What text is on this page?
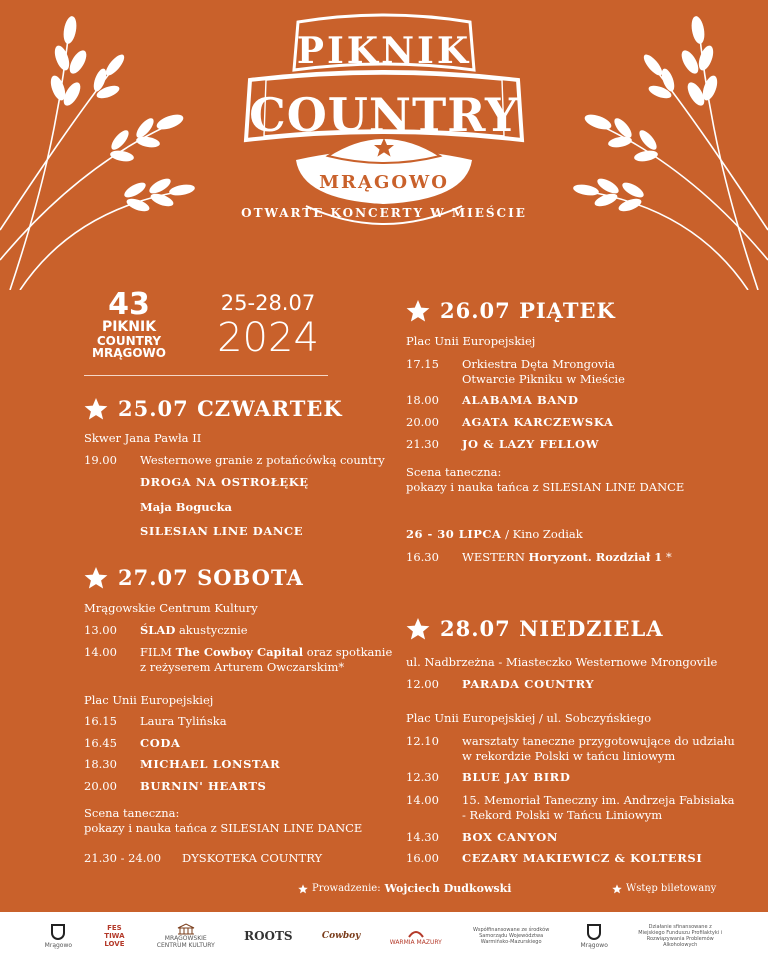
PIKNIK
COUNTRY
MRĄGOWO
OTWARTE KONCERTY W MIEŚCIE
43
PIKNIK
COUNTRY
MRĄGOWO
25-28.07
2024
25.07 CZWARTEK
Skwer Jana Pawła II
19.00	Westernowe granie z potańcówką country
DROGA NA OSTROŁĘKĘ
Maja Bogucka
SILESIAN LINE DANCE
27.07 SOBOTA
Mrągowskie Centrum Kultury
13.00	ŚLAD akustycznie
14.00	FILM The Cowboy Capital oraz spotkanie
z reżyserem Arturem Owczarskim*
Plac Unii Europejskiej
16.15	Laura Tylińska
16.45	CODA
18.30	MICHAEL LONSTAR
20.00	BURNIN' HEARTS
Scena taneczna:
pokazy i nauka tańca z SILESIAN LINE DANCE
21.30 - 24.00	DYSKOTEKA COUNTRY
26.07 PIĄTEK
Plac Unii Europejskiej
17.15	Orkiestra Dęta Mrongovia
Otwarcie Pikniku w Mieście
18.00	ALABAMA BAND
20.00	AGATA KARCZEWSKA
21.30	JO & LAZY FELLOW
Scena taneczna:
pokazy i nauka tańca z SILESIAN LINE DANCE
26 - 30 LIPCA
/ Kino Zodiak
16.30	WESTERN Horyzont. Rozdział 1 *
28.07 NIEDZIELA
ul. Nadbrzeżna - Miasteczko Westernowe Mrongovile
12.00	PARADA COUNTRY
Plac Unii Europejskiej / ul. Sobczyńskiego
12.10	warsztaty taneczne przygotowujące do udziału
w rekordzie Polski w tańcu liniowym
12.30	BLUE JAY BIRD
14.00	15. Memoriał Taneczny im. Andrzeja Fabisiaka
- Rekord Polski w Tańcu Liniowym
14.30	BOX CANYON
16.00	CEZARY MAKIEWICZ & KOLTERSI
Prowadzenie: Wojciech Dudkowski	Wstęp biletowany
Mrągowo
FES TIWA LOVE
MRĄGOWSKIE CENTRUM KULTURY
ROOTS	Cowboy
WARMIA MAZURY
Współfinansowane ze środków Samorządu Województwa Warmińsko-Mazurskiego	Mrągowo
Działanie sfinansowane z Miejskiego Funduszu Profilaktyki i Rozwiązywania Problemów Alkoholowych
